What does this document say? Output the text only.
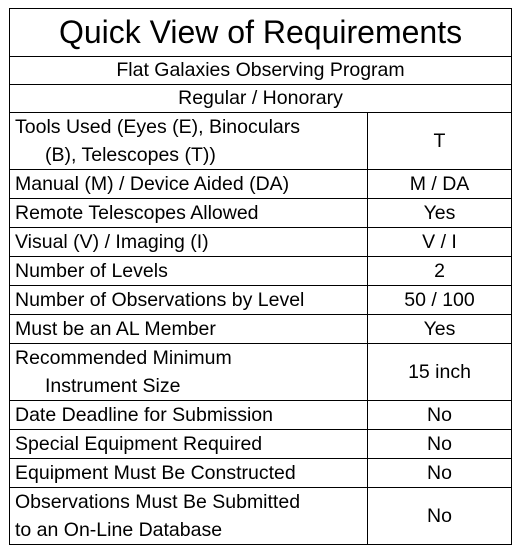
Quick View of Requirements	
Flat Galaxies Observing Program	
Regular / Honorary	
Tools Used (Eyes (E), Binoculars
(B), Telescopes (T))	T
Manual (M) / Device Aided (DA)	M / DA
Remote Telescopes Allowed	Yes
Visual (V) / Imaging (I)	V / I
Number of Levels	2
Number of Observations by Level	50 / 100
Must be an AL Member	Yes
Recommended Minimum
Instrument Size	15 inch
Date Deadline for Submission	No
Special Equipment Required	No
Equipment Must Be Constructed	No
Observations Must Be Submitted
to an On-Line Database	No
